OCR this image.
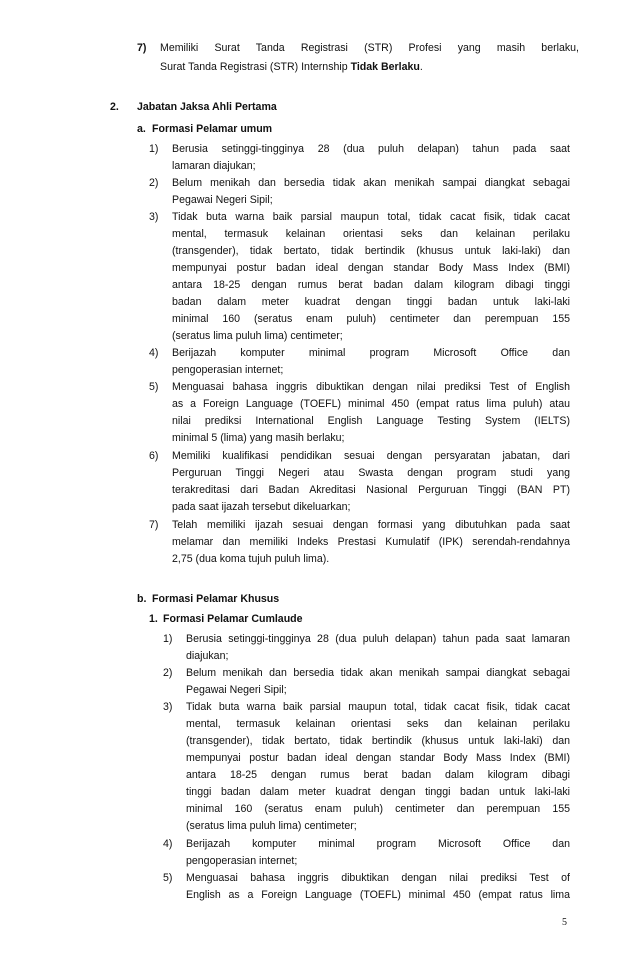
7) Memiliki Surat Tanda Registrasi (STR) Profesi yang masih berlaku,
Surat Tanda Registrasi (STR) Internship Tidak Berlaku.
2. Jabatan Jaksa Ahli Pertama
a. Formasi Pelamar umum
1) Berusia setinggi-tingginya 28 (dua puluh delapan) tahun pada saat
lamaran diajukan;
2) Belum menikah dan bersedia tidak akan menikah sampai diangkat sebagai
Pegawai Negeri Sipil;
3) Tidak buta warna baik parsial maupun total, tidak cacat fisik, tidak cacat
mental, termasuk kelainan orientasi seks dan kelainan perilaku
(transgender), tidak bertato, tidak bertindik (khusus untuk laki-laki) dan
mempunyai postur badan ideal dengan standar Body Mass Index (BMI)
antara 18-25 dengan rumus berat badan dalam kilogram dibagi tinggi
badan dalam meter kuadrat dengan tinggi badan untuk laki-laki
minimal 160 (seratus enam puluh) centimeter dan perempuan 155
(seratus lima puluh lima) centimeter;
4) Berijazah komputer minimal program Microsoft Office dan
pengoperasian internet;
5) Menguasai bahasa inggris dibuktikan dengan nilai prediksi Test of English
as a Foreign Language (TOEFL) minimal 450 (empat ratus lima puluh) atau
nilai prediksi International English Language Testing System (IELTS)
minimal 5 (lima) yang masih berlaku;
6) Memiliki kualifikasi pendidikan sesuai dengan persyaratan jabatan, dari
Perguruan Tinggi Negeri atau Swasta dengan program studi yang
terakreditasi dari Badan Akreditasi Nasional Perguruan Tinggi (BAN PT)
pada saat ijazah tersebut dikeluarkan;
7) Telah memiliki ijazah sesuai dengan formasi yang dibutuhkan pada saat
melamar dan memiliki Indeks Prestasi Kumulatif (IPK) serendah-rendahnya
2,75 (dua koma tujuh puluh lima).
b. Formasi Pelamar Khusus
1. Formasi Pelamar Cumlaude
1) Berusia setinggi-tingginya 28 (dua puluh delapan) tahun pada saat lamaran
diajukan;
2) Belum menikah dan bersedia tidak akan menikah sampai diangkat sebagai
Pegawai Negeri Sipil;
3) Tidak buta warna baik parsial maupun total, tidak cacat fisik, tidak cacat
mental, termasuk kelainan orientasi seks dan kelainan perilaku
(transgender), tidak bertato, tidak bertindik (khusus untuk laki-laki) dan
mempunyai postur badan ideal dengan standar Body Mass Index (BMI)
antara 18-25 dengan rumus berat badan dalam kilogram dibagi
tinggi badan dalam meter kuadrat dengan tinggi badan untuk laki-laki
minimal 160 (seratus enam puluh) centimeter dan perempuan 155
(seratus lima puluh lima) centimeter;
4) Berijazah komputer minimal program Microsoft Office dan
pengoperasian internet;
5) Menguasai bahasa inggris dibuktikan dengan nilai prediksi Test of
English as a Foreign Language (TOEFL) minimal 450 (empat ratus lima
5
